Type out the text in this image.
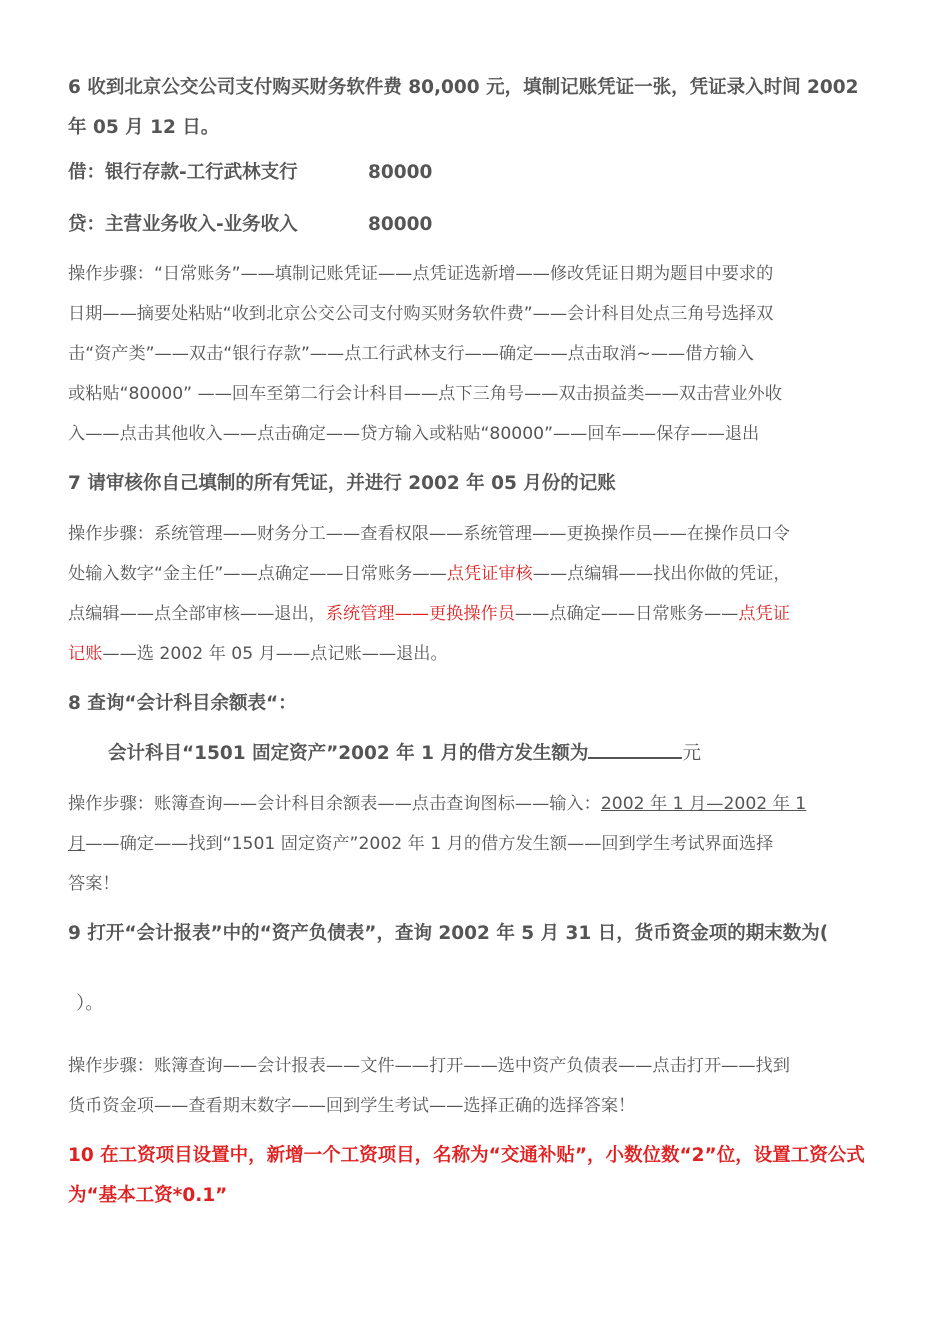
6 收到北京公交公司支付购买财务软件费 80,000 元，填制记账凭证一张，凭证录入时间 2002

年 05 月 12 日。

借：银行存款-工行武林支行	80000
贷：主营业务收入-业务收入	80000

操作步骤：“日常账务”——填制记账凭证——点凭证选新增——修改凭证日期为题目中要求的

日期——摘要处粘贴“收到北京公交公司支付购买财务软件费”——会计科目处点三角号选择双

击“资产类”——双击“银行存款”——点工行武林支行——确定——点击取消~——借方输入

或粘贴“80000” ——回车至第二行会计科目——点下三角号——双击损益类——双击营业外收

入——点击其他收入——点击确定——贷方输入或粘贴“80000”——回车——保存——退出

7 请审核你自己填制的所有凭证，并进行 2002 年 05 月份的记账

操作步骤：系统管理——财务分工——查看权限——系统管理——更换操作员——在操作员口令

处输入数字“金主任”——点确定——日常账务——点凭证审核——点编辑——找出你做的凭证，

点编辑——点全部审核——退出，系统管理——更换操作员——点确定——日常账务——点凭证

记账——选 2002 年 05 月——点记账——退出。

8 查询“会计科目余额表“：

会计科目“1501 固定资产”2002 年 1 月的借方发生额为	元

操作步骤：账簿查询——会计科目余额表——点击查询图标——输入：2002 年 1 月—2002 年 1

月——确定——找到“1501 固定资产”2002 年 1 月的借方发生额——回到学生考试界面选择

答案！

9 打开“会计报表”中的“资产负债表”，查询 2002 年 5 月 31 日，货币资金项的期末数为(

）。

操作步骤：账簿查询——会计报表——文件——打开——选中资产负债表——点击打开——找到

货币资金项——查看期末数字——回到学生考试——选择正确的选择答案！

10 在工资项目设置中，新增一个工资项目，名称为“交通补贴”，小数位数“2”位，设置工资公式

为“基本工资*0.1”
